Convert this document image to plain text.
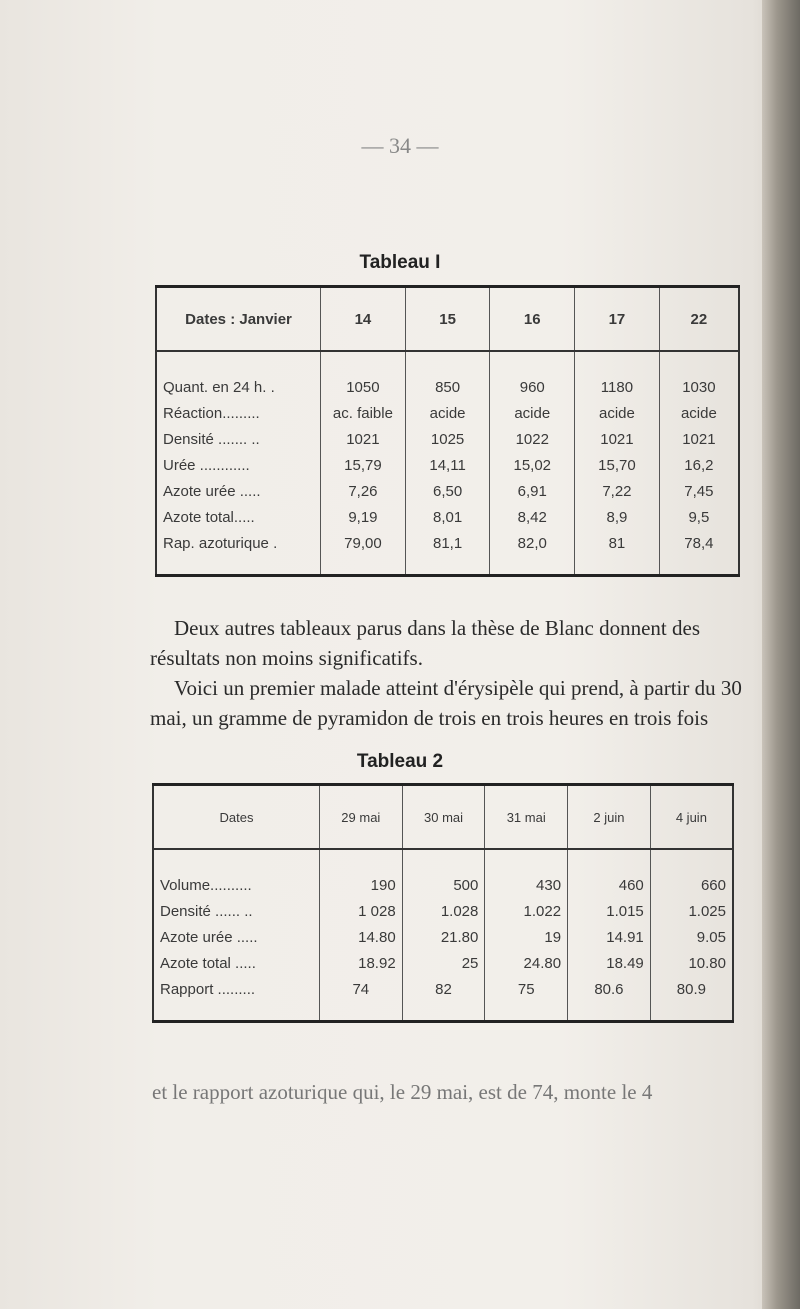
— 34 —
Tableau I
Dates : Janvier	14	15	16	17	22
Quant. en 24 h. .	1050	850	960	1180	1030
Réaction.........	ac. faible	acide	acide	acide	acide
Densité ....... ..	1021	1025	1022	1021	1021
Urée ............	15,79	14,11	15,02	15,70	16,2
Azote urée .....	7,26	6,50	6,91	7,22	7,45
Azote total.....	9,19	8,01	8,42	8,9	9,5
Rap. azoturique .	79,00	81,1	82,0	81	78,4
Deux autres tableaux parus dans la thèse de Blanc donnent des résultats non moins significatifs.
Voici un premier malade atteint d'érysipèle qui prend, à partir du 30 mai, un gramme de pyramidon de trois en trois heures en trois fois
Tableau 2
Dates	29 mai	30 mai	31 mai	2 juin	4 juin
Volume..........	190	500	430	460	660
Densité ...... ..	1 028	1.028	1.022	1.015	1.025
Azote urée .....	14.80	21.80	19	14.91	9.05
Azote total .....	18.92	25	24.80	18.49	10.80
Rapport .........	74	82	75	80.6	80.9
et le rapport azoturique qui, le 29 mai, est de 74, monte le 4
